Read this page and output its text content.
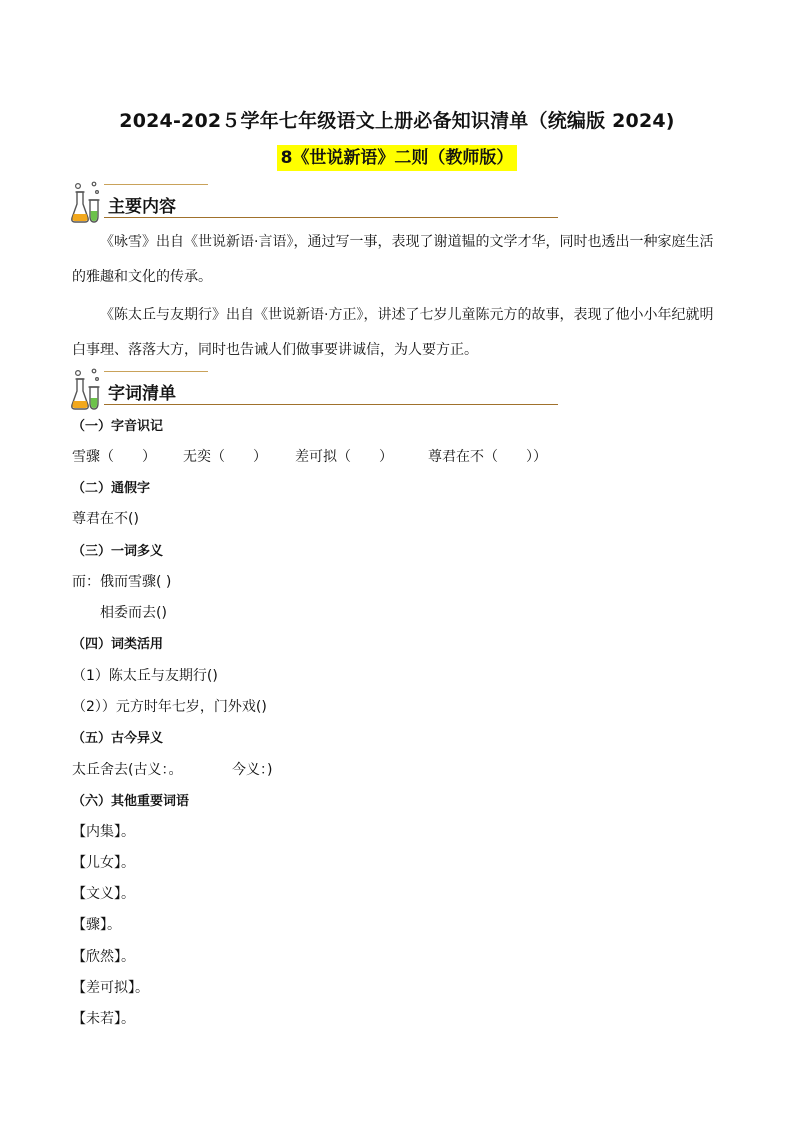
2024-202５学年七年级语文上册必备知识清单（统编版 2024)
8《世说新语》二则（教师版）
主要内容
《咏雪》出自《世说新语·言语》，通过写一事，表现了谢道韫的文学才华，同时也透出一种家庭生活的雅趣和文化的传承。
《陈太丘与友期行》出自《世说新语·方正》，讲述了七岁儿童陈元方的故事，表现了他小小年纪就明白事理、落落大方，同时也告诫人们做事要讲诚信，为人要方正。
字词清单
（一）字音识记
雪骤（　　） 无奕（　　） 差可拟（　　）	尊君在不（　　））
（二）通假字
尊君在不()
（三）一词多义
而：俄而雪骤( )
相委而去()
（四）词类活用
（1）陈太丘与友期行()
（2））元方时年七岁，门外戏()
（五）古今异义
太丘舍去(古义：。	今义：)
（六）其他重要词语
【内集】。
【儿女】。
【文义】。
【骤】。
【欣然】。
【差可拟】。
【未若】。
